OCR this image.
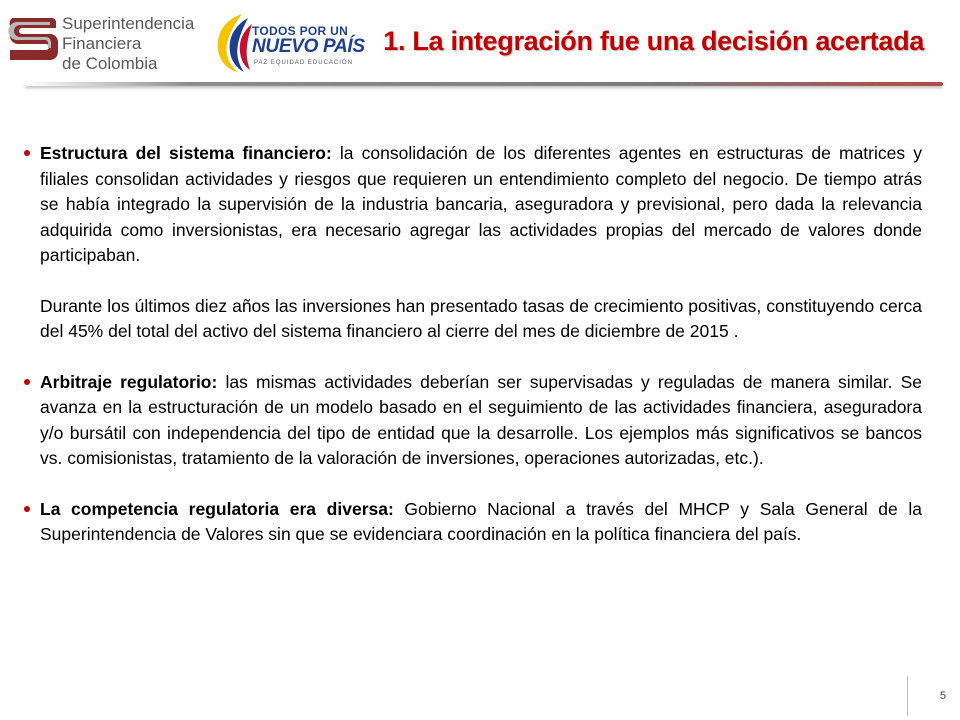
Superintendencia
Financiera
de Colombia
TODOS POR UN
NUEVO PAÍS
PAZ EQUIDAD EDUCACIÓN
1. La integración fue una decisión acertada

Estructura del sistema financiero: la consolidación de los diferentes agentes en estructuras de matrices y filiales consolidan actividades y riesgos que requieren un entendimiento completo del negocio. De tiempo atrás se había integrado la supervisión de la industria bancaria, aseguradora y previsional, pero dada la relevancia adquirida como inversionistas, era necesario agregar las actividades propias del mercado de valores donde participaban.

Durante los últimos diez años las inversiones han presentado tasas de crecimiento positivas, constituyendo cerca del 45% del total del activo del sistema financiero al cierre del mes de diciembre de 2015 .

Arbitraje regulatorio: las mismas actividades deberían ser supervisadas y reguladas de manera similar. Se avanza en la estructuración de un modelo basado en el seguimiento de las actividades financiera, aseguradora y/o bursátil con independencia del tipo de entidad que la desarrolle. Los ejemplos más significativos se bancos vs. comisionistas, tratamiento de la valoración de inversiones, operaciones autorizadas, etc.).

La competencia regulatoria era diversa: Gobierno Nacional a través del MHCP y Sala General de la Superintendencia de Valores sin que se evidenciara coordinación en la política financiera del país.

5
